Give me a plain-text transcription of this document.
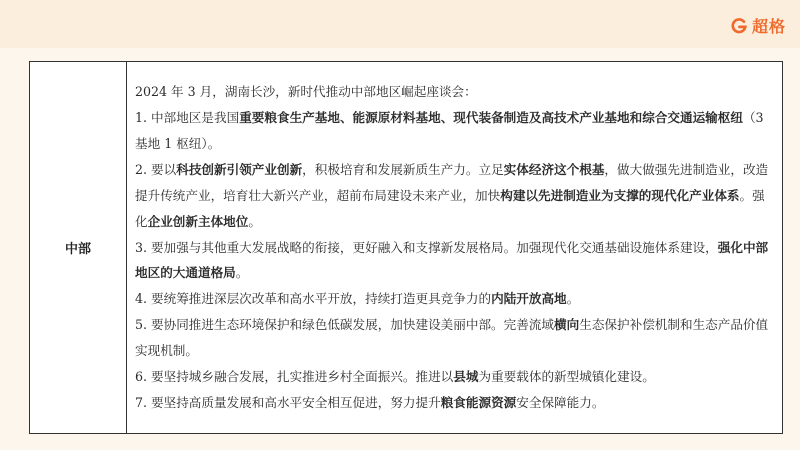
超格
中部	

2024 年 3 月，湖南长沙，新时代推动中部地区崛起座谈会：

1. 中部地区是我国重要粮食生产基地、能源原材料基地、现代装备制造及高技术产业基地和综合交通运输枢纽（3 基地 1 枢纽）。

2. 要以科技创新引领产业创新，积极培育和发展新质生产力。立足实体经济这个根基，做大做强先进制造业，改造提升传统产业，培育壮大新兴产业，超前布局建设未来产业，加快构建以先进制造业为支撑的现代化产业体系。强化企业创新主体地位。

3. 要加强与其他重大发展战略的衔接，更好融入和支撑新发展格局。加强现代化交通基础设施体系建设，强化中部地区的大通道格局。

4. 要统筹推进深层次改革和高水平开放，持续打造更具竞争力的内陆开放高地。

5. 要协同推进生态环境保护和绿色低碳发展，加快建设美丽中部。完善流域横向生态保护补偿机制和生态产品价值实现机制。

6. 要坚持城乡融合发展，扎实推进乡村全面振兴。推进以县城为重要载体的新型城镇化建设。

7. 要坚持高质量发展和高水平安全相互促进，努力提升粮食能源资源安全保障能力。
